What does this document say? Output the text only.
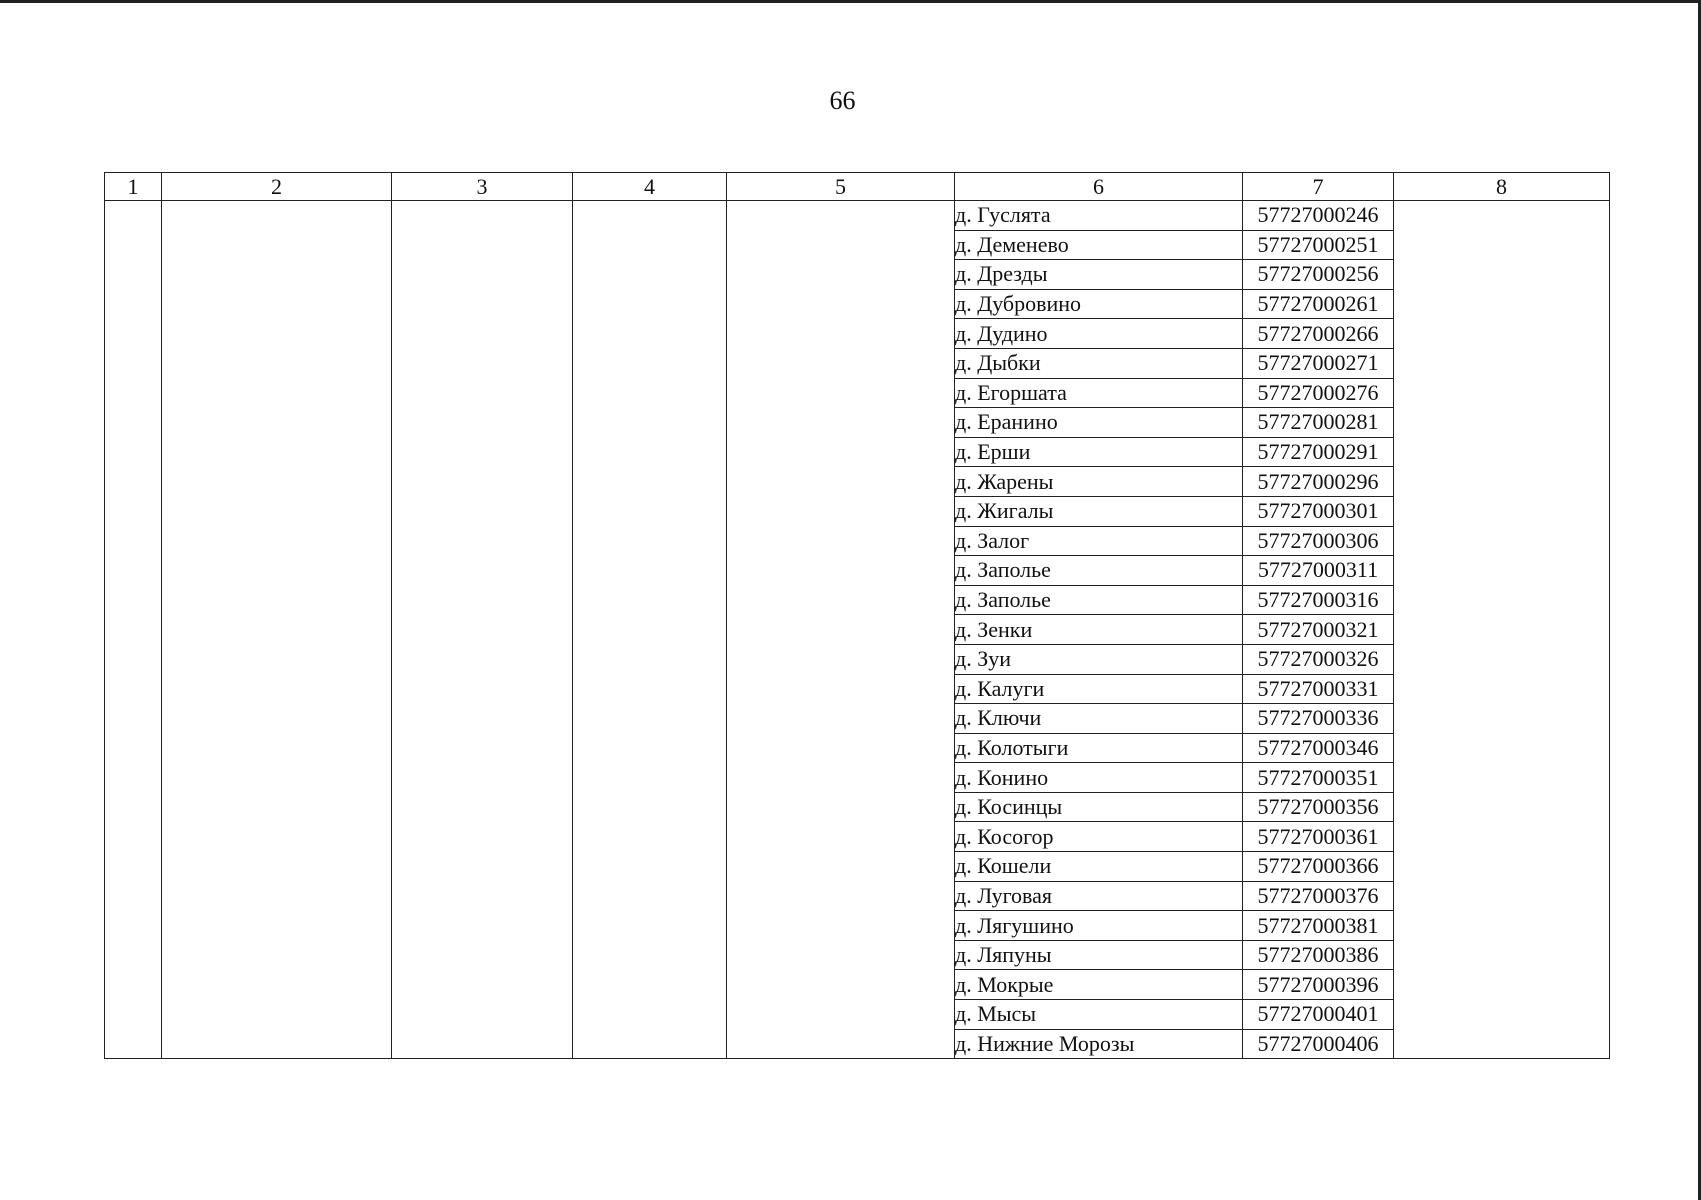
66
1	2	3	4	5	6	7	8
					д. Гуслята	57727000246	
					д. Деменево	57727000251	
					д. Дрезды	57727000256	
					д. Дубровино	57727000261	
					д. Дудино	57727000266	
					д. Дыбки	57727000271	
					д. Егоршата	57727000276	
					д. Еранино	57727000281	
					д. Ерши	57727000291	
					д. Жарены	57727000296	
					д. Жигалы	57727000301	
					д. Залог	57727000306	
					д. Заполье	57727000311	
					д. Заполье	57727000316	
					д. Зенки	57727000321	
					д. Зуи	57727000326	
					д. Калуги	57727000331	
					д. Ключи	57727000336	
					д. Колотыги	57727000346	
					д. Конино	57727000351	
					д. Косинцы	57727000356	
					д. Косогор	57727000361	
					д. Кошели	57727000366	
					д. Луговая	57727000376	
					д. Лягушино	57727000381	
					д. Ляпуны	57727000386	
					д. Мокрые	57727000396	
					д. Мысы	57727000401	
					д. Нижние Морозы	57727000406	
